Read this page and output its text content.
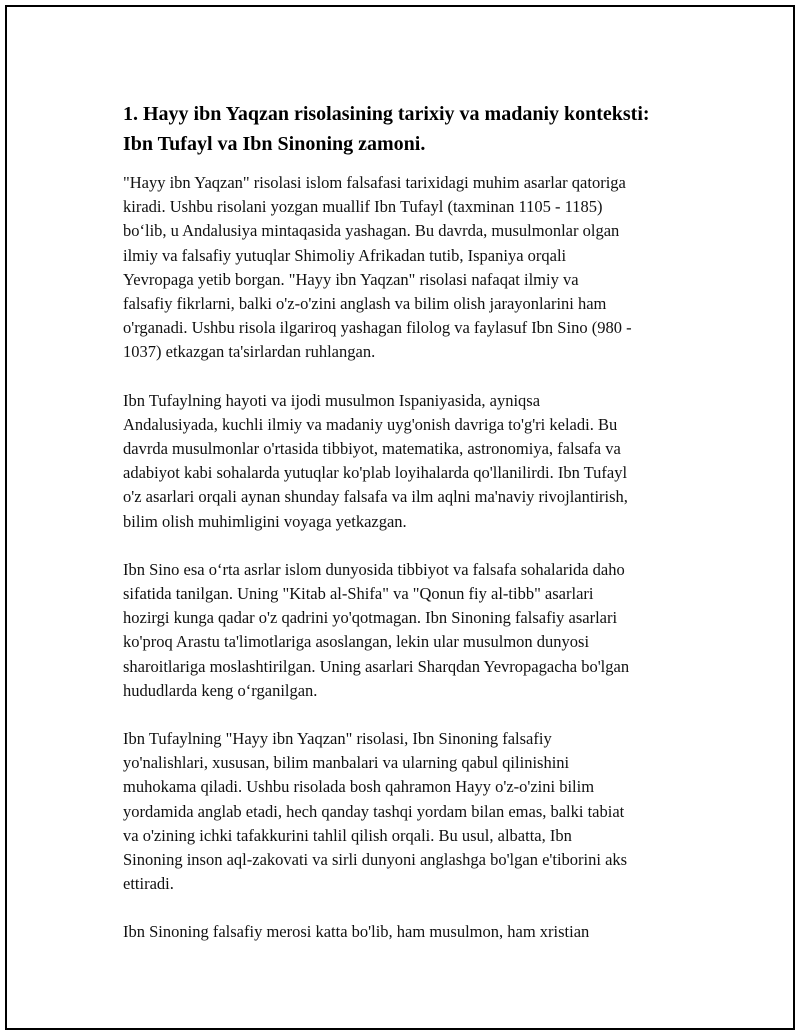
1. Hayy ibn Yaqzan risolasining tarixiy va madaniy konteksti:
Ibn Tufayl va Ibn Sinoning zamoni.

"Hayy ibn Yaqzan" risolasi islom falsafasi tarixidagi muhim asarlar qatoriga
kiradi. Ushbu risolani yozgan muallif Ibn Tufayl (taxminan 1105 - 1185)
bo‘lib, u Andalusiya mintaqasida yashagan. Bu davrda, musulmonlar olgan
ilmiy va falsafiy yutuqlar Shimoliy Afrikadan tutib, Ispaniya orqali
Yevropaga yetib borgan. "Hayy ibn Yaqzan" risolasi nafaqat ilmiy va
falsafiy fikrlarni, balki o'z-o'zini anglash va bilim olish jarayonlarini ham
o'rganadi. Ushbu risola ilgariroq yashagan filolog va faylasuf Ibn Sino (980 -
1037) etkazgan ta'sirlardan ruhlangan.

Ibn Tufaylning hayoti va ijodi musulmon Ispaniyasida, ayniqsa
Andalusiyada, kuchli ilmiy va madaniy uyg'onish davriga to'g'ri keladi. Bu
davrda musulmonlar o'rtasida tibbiyot, matematika, astronomiya, falsafa va
adabiyot kabi sohalarda yutuqlar ko'plab loyihalarda qo'llanilirdi. Ibn Tufayl
o'z asarlari orqali aynan shunday falsafa va ilm aqlni ma'naviy rivojlantirish,
bilim olish muhimligini voyaga yetkazgan.

Ibn Sino esa o‘rta asrlar islom dunyosida tibbiyot va falsafa sohalarida daho
sifatida tanilgan. Uning "Kitab al-Shifa" va "Qonun fiy al-tibb" asarlari
hozirgi kunga qadar o'z qadrini yo'qotmagan. Ibn Sinoning falsafiy asarlari
ko'proq Arastu ta'limotlariga asoslangan, lekin ular musulmon dunyosi
sharoitlariga moslashtirilgan. Uning asarlari Sharqdan Yevropagacha bo'lgan
hududlarda keng o‘rganilgan.

Ibn Tufaylning "Hayy ibn Yaqzan" risolasi, Ibn Sinoning falsafiy
yo'nalishlari, xususan, bilim manbalari va ularning qabul qilinishini
muhokama qiladi. Ushbu risolada bosh qahramon Hayy o'z-o'zini bilim
yordamida anglab etadi, hech qanday tashqi yordam bilan emas, balki tabiat
va o'zining ichki tafakkurini tahlil qilish orqali. Bu usul, albatta, Ibn
Sinoning inson aql-zakovati va sirli dunyoni anglashga bo'lgan e'tiborini aks
ettiradi.

Ibn Sinoning falsafiy merosi katta bo'lib, ham musulmon, ham xristian
